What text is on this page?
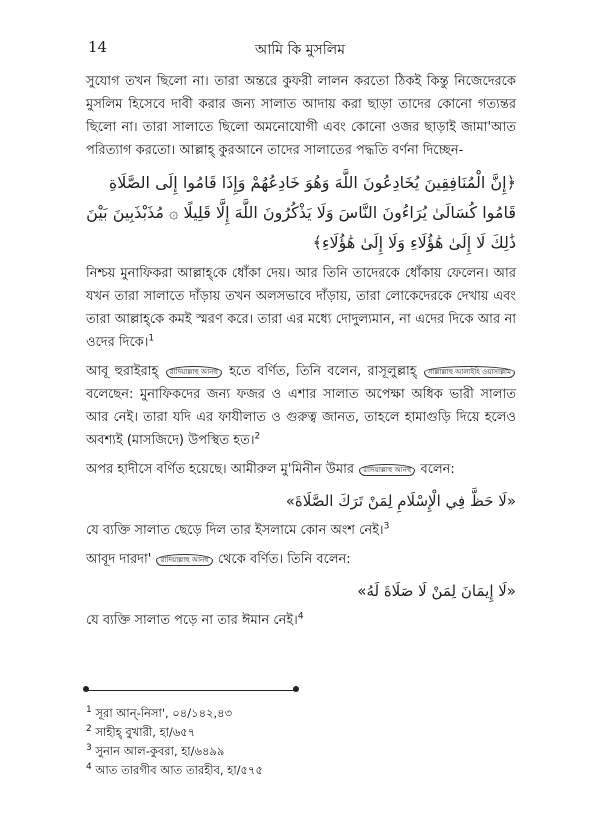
14	আমি কি মুসলিম

সুযোগ তখন ছিলো না। তারা অন্তরে কুফরী লালন করতো ঠিকই কিন্তু নিজেদেরকে মুসলিম হিসেবে দাবী করার জন্য সালাত আদায় করা ছাড়া তাদের কোনো গত্যন্তর ছিলো না। তারা সালাতে ছিলো অমনোযোগী এবং কোনো ওজর ছাড়াই জামা'আত পরিত্যাগ করতো। আল্লাহ্‌ কুরআনে তাদের সালাতের পদ্ধতি বর্ণনা দিচ্ছেন-

﴿إِنَّ الْمُنَافِقِينَ يُخَادِعُونَ اللَّهَ وَهُوَ خَادِعُهُمْ وَإِذَا قَامُوا إِلَى الصَّلَاةِ قَامُوا كُسَالَىٰ يُرَاءُونَ النَّاسَ وَلَا يَذْكُرُونَ اللَّهَ إِلَّا قَلِيلًا ۞ مُذَبْذَبِينَ بَيْنَ ذَٰلِكَ لَا إِلَىٰ هَٰؤُلَاءِ وَلَا إِلَىٰ هَٰؤُلَاءِ﴾

নিশ্চয় মুনাফিকরা আল্লাহ্‌কে ধোঁকা দেয়। আর তিনি তাদেরকে ধোঁকায় ফেলেন। আর যখন তারা সালাতে দাঁড়ায় তখন অলসভাবে দাঁড়ায়, তারা লোকেদেরকে দেখায় এবং তারা আল্লাহ্‌কে কমই স্মরণ করে। তারা এর মধ্যে দোদুল্যমান, না এদের দিকে আর না ওদের দিকে।$^1$

আবূ হুরাইরাহ্‌ রাদিয়াল্লাহু আনহু হতে বর্ণিত, তিনি বলেন, রাসূলুল্লাহ্‌ সাল্লাল্লাহু আলাইহি ওয়াসাল্লাম বলেছেন: মুনাফিকদের জন্য ফজর ও এশার সালাত অপেক্ষা অধিক ভারী সালাত আর নেই। তারা যদি এর ফাযীলাত ও গুরুত্ব জানত, তাহলে হামাগুড়ি দিয়ে হলেও অবশ্যই (মাসজিদে) উপস্থিত হত।$^2$

অপর হাদীসে বর্ণিত হয়েছে। আমীরুল মু'মিনীন উমার রাদিয়াল্লাহু আনহু বলেন:

«لَا حَظَّ فِي الْإِسْلَامِ لِمَنْ تَرَكَ الصَّلَاةَ»

যে ব্যক্তি সালাত ছেড়ে দিল তার ইসলামে কোন অংশ নেই।$^3$

আবূদ দারদা' রাদিয়াল্লাহু আনহু থেকে বর্ণিত। তিনি বলেন:

«لَا إِيمَانَ لِمَنْ لَا صَلَاةَ لَهُ»

যে ব্যক্তি সালাত পড়ে না তার ঈমান নেই।$^4$

$^1$ সূরা আন্‌-নিসা', ০৪/১৪২,৪৩

$^2$ সাহীহ্‌ বুখারী, হা/৬৫৭

$^3$ সুনান আল-কুবরা, হা/৬৪৯৯

$^4$ আত তারগীব আত তারহীব, হা/৫৭৫
